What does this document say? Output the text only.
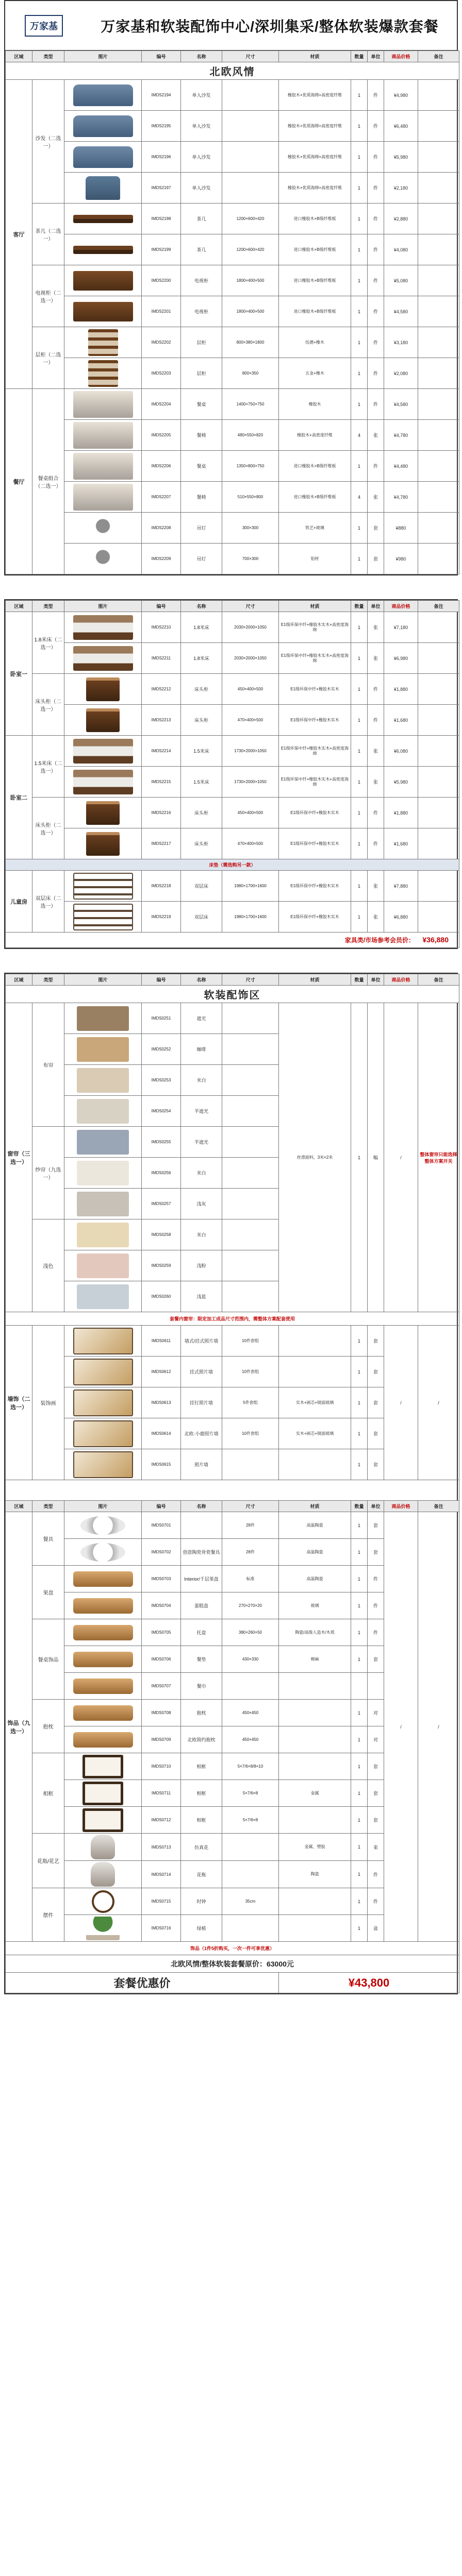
万家基	万家基和软装配饰中心/深圳集采/整体软装爆款套餐
区域	类型	图片	编号	名称	尺寸	材质	数量	单位	商品价格	备注
北欧风情										
客厅	沙发（二选一）		IMDS2194	单人沙发		橡胶木+优质海绵+高密度纤维	1	件	¥4,980	

			IMDS2195	单人沙发		橡胶木+优质海绵+高密度纤维	1	件	¥6,480	

			IMDS2196	单人沙发		橡胶木+优质海绵+高密度纤维	1	件	¥5,980	

			IMDS2197	单人沙发		橡胶木+优质海绵+高密度纤维	1	件	¥2,180	
	茶几（二选一）		IMDS2198	茶几	1200×600×420	进口橡胶木+B级纤维板	1	件	¥2,880	

			IMDS2199	茶几	1200×600×420	进口橡胶木+B级纤维板	1	件	¥4,080	
	电视柜（二选一）		IMDS2200	电视柜	1800×400×500	进口橡胶木+B级纤维板	1	件	¥5,080	

			IMDS2201	电视柜	1800×400×500	进口橡胶木+B级纤维板	1	件	¥4,580	
	层柜（二选一）		IMDS2202	层柜	800×380×1800	伍德+橡木	1	件	¥3,180	

			IMDS2203	层柜	800×350	五金+橡木	1	件	¥2,080	
餐厅	餐桌组合（二选一）		IMDS2204	餐桌	1400×750×750	橡胶木	1	件	¥4,580	

			IMDS2205	餐椅	480×550×820	橡胶木+高密度纤维	4	张	¥4,780	

			IMDS2206	餐桌	1350×800×750	进口橡胶木+B级纤维板	1	件	¥4,480	

			IMDS2207	餐椅	510×550×800	进口橡胶木+B级纤维板	4	张	¥4,780	

			IMDS2208	吊灯	300×300	铁艺+玻璃	1	套	¥880	

			IMDS2209	吊灯	700×300	铝材	1	套	¥980	
区域	类型	图片	编号	名称	尺寸	材质	数量	单位	商品价格	备注
卧室一	1.8米床（二选一）		IMDS2210	1.8米床	2030×2000×1050	E1级环保中纤+橡胶木实木+高密度海绵	1	张	¥7,180	

			IMDS2211	1.8米床	2030×2000×1050	E1级环保中纤+橡胶木实木+高密度海绵	1	张	¥6,980	
	床头柜（二选一）		IMDS2212	床头柜	450×400×500	E1级环保中纤+橡胶木实木	1	件	¥1,880	

			IMDS2213	床头柜	470×400×500	E1级环保中纤+橡胶木实木	1	件	¥1,680	
卧室二	1.5米床（二选一）		IMDS2214	1.5米床	1730×2000×1050	E1级环保中纤+橡胶木实木+高密度海绵	1	张	¥6,080	

			IMDS2215	1.5米床	1730×2000×1050	E1级环保中纤+橡胶木实木+高密度海绵	1	张	¥5,980	
	床头柜（二选一）		IMDS2216	床头柜	450×400×500	E1级环保中纤+橡胶木实木	1	件	¥1,880	

			IMDS2217	床头柜	470×400×500	E1级环保中纤+橡胶木实木	1	件	¥1,680	
床垫（需选购另一款）										
儿童房	双层床（二选一）		IMDS2218	双层床	1980×1700×1600	E1级环保中纤+橡胶木实木	1	张	¥7,880	

			IMDS2219	双层床	1980×1700×1600	E1级环保中纤+橡胶木实木	1	张	¥6,880	
家具类/市场参考会员价： ¥36,880										
软装配饰区										
区域	类型	图片	编号	名称	尺寸	材质	数量	单位	商品价格	备注
窗帘（三选一）	布帘		IMDS0251	遮光		丝滑面料，3米×2米	1	幅	/	整体窗帘只能选择整体方案开关

			IMDS0252	咖啡						

			IMDS0253	米白						

			IMDS0254	半遮光						
	纱帘（九选一）		IMDS0255	半遮光						

			IMDS0256	米白						

			IMDS0257	浅灰						
	浅色		IMDS0258	米白						

			IMDS0259	浅粉						

			IMDS0260	浅蓝						
套餐内窗帘：限定加工成品尺寸范围内，需整体方案配套使用										
墙饰（二选一）	装饰画		IMDS0611	墙式/挂式照片墙	10件套组		1	套	/	/

			IMDS0612	挂式照片墙	10件套组		1	套		

			IMDS0613	挂钉照片墙	5件套组	实木+画芯+镜面玻璃	1	套		

			IMDS0614	北欧·小鹿照片墙	10件套组	实木+画芯+镜面玻璃	1	套		

			IMDS0615	照片墙			1	套		

区域	类型	图片	编号	名称	尺寸	材质	数量	单位	商品价格	备注
饰品（九选一）	餐具		IMDS0701		28件	高温陶瓷	1	套	/	/

			IMDS0702	创意陶瓷骨瓷餐具	28件	高温陶瓷	1	套		
	果盘		IMDS0703	Interior/千层果盘	标准	高温陶瓷	1	件		

			IMDS0704	蛋糕盘	270×270×20	玻璃	1	件		
	餐桌饰品		IMDS0705	托盘	380×260×50	陶瓷/高级人造木/木质	1	件		

			IMDS0706	餐垫	430×330	棉麻	1	套		

			IMDS0707	餐巾						
	抱枕		IMDS0708	抱枕	450×450		1	对		

			IMDS0709	北欧简约抱枕	450×450		1	对		
	相框		IMDS0710	相框	5×7/6×8/8×10		1	套		

			IMDS0711	相框	5×7/6×8	金属	1	套		

			IMDS0712	相框	5×7/6×8		1	套		
	花瓶/花艺		IMDS0713	仿真花		金属、塑胶	1	束		

			IMDS0714	花瓶		陶瓷	1	件		
	摆件		IMDS0715	时钟	35cm		1	件		

			IMDS0716	绿植			1	盆		
饰品（1件5折购买，一次一件可享优惠）										
北欧风情/整体软装套餐原价：63000元										
套餐优惠价						¥43,800				
